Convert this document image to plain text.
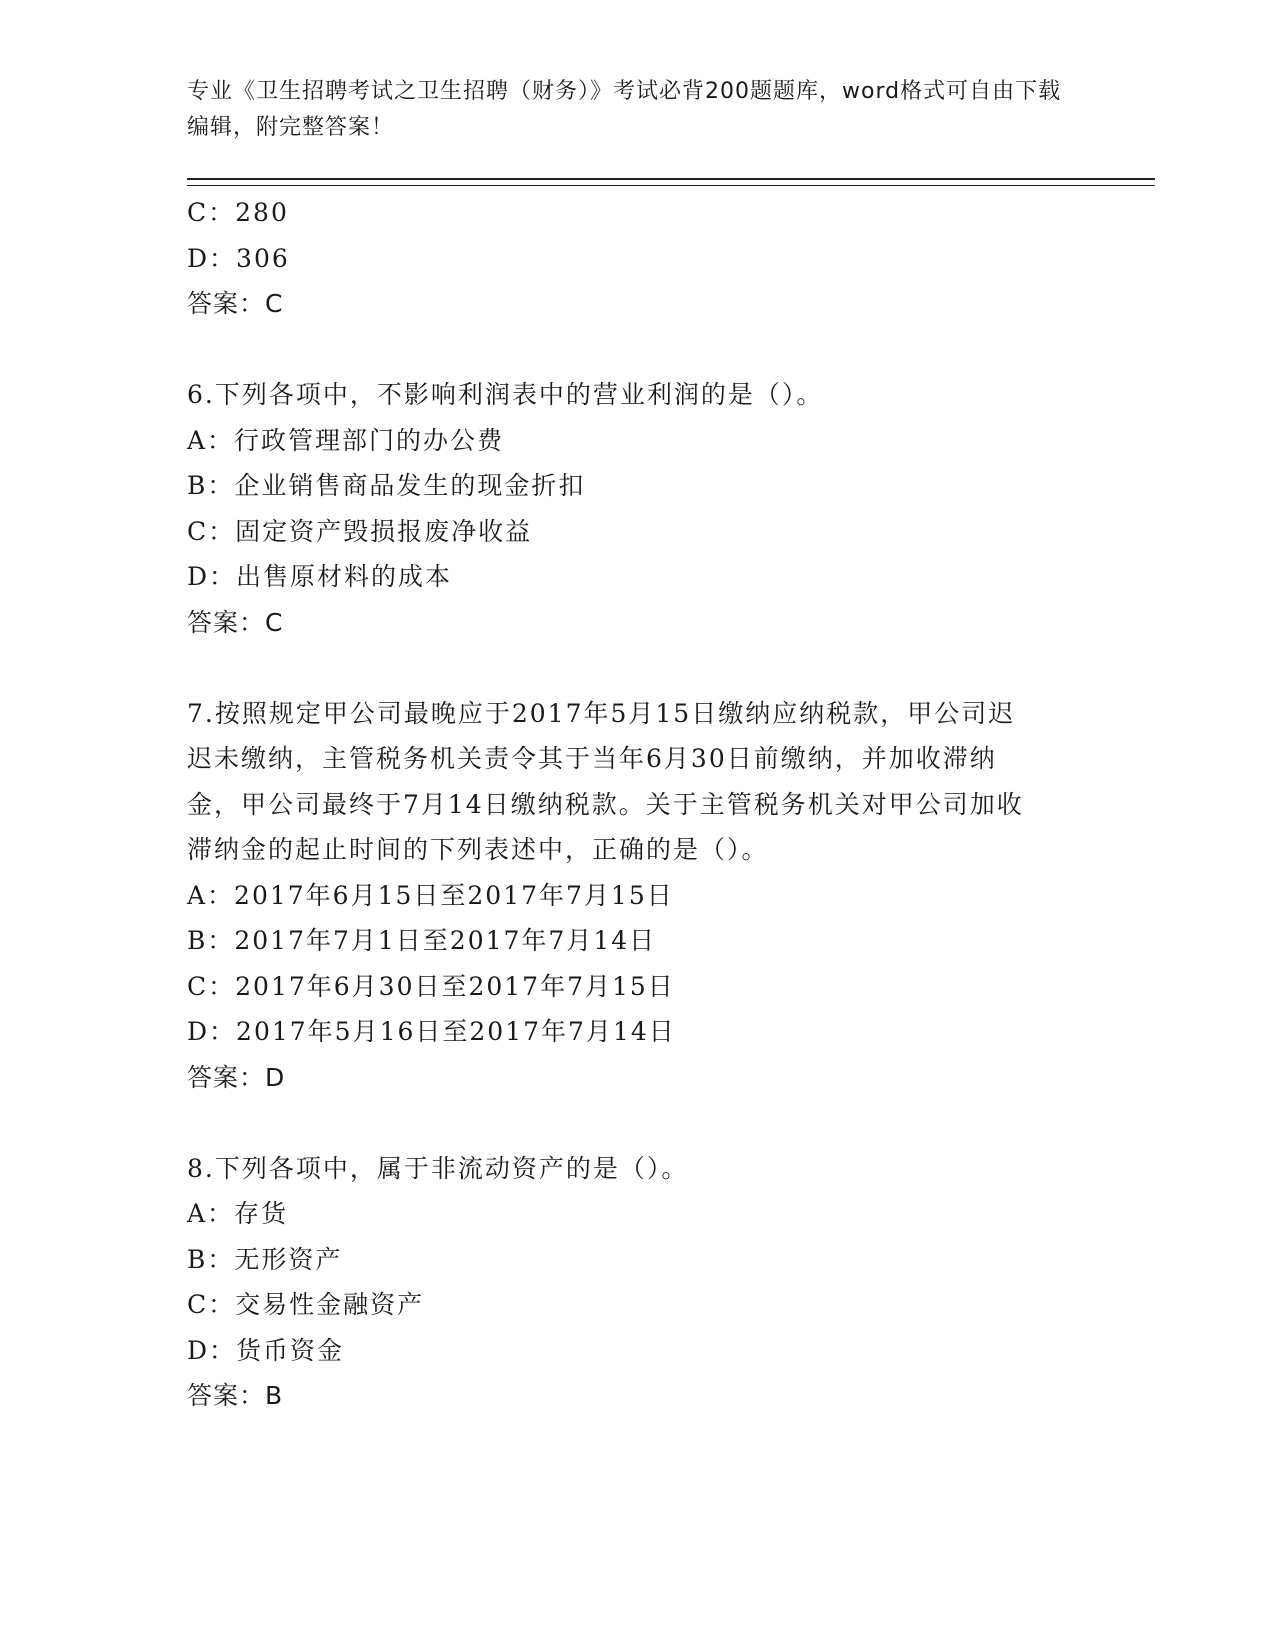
专业《卫生招聘考试之卫生招聘（财务）》考试必背200题题库，word格式可自由下载编辑，附完整答案！
C：280
D：306
答案：C
6.下列各项中，不影响利润表中的营业利润的是（）。
A：行政管理部门的办公费
B：企业销售商品发生的现金折扣
C：固定资产毁损报废净收益
D：出售原材料的成本
答案：C
7.按照规定甲公司最晚应于2017年5月15日缴纳应纳税款，甲公司迟迟未缴纳，主管税务机关责令其于当年6月30日前缴纳，并加收滞纳金，甲公司最终于7月14日缴纳税款。关于主管税务机关对甲公司加收滞纳金的起止时间的下列表述中，正确的是（）。
A：2017年6月15日至2017年7月15日
B：2017年7月1日至2017年7月14日
C：2017年6月30日至2017年7月15日
D：2017年5月16日至2017年7月14日
答案：D
8.下列各项中，属于非流动资产的是（）。
A：存货
B：无形资产
C：交易性金融资产
D：货币资金
答案：B
